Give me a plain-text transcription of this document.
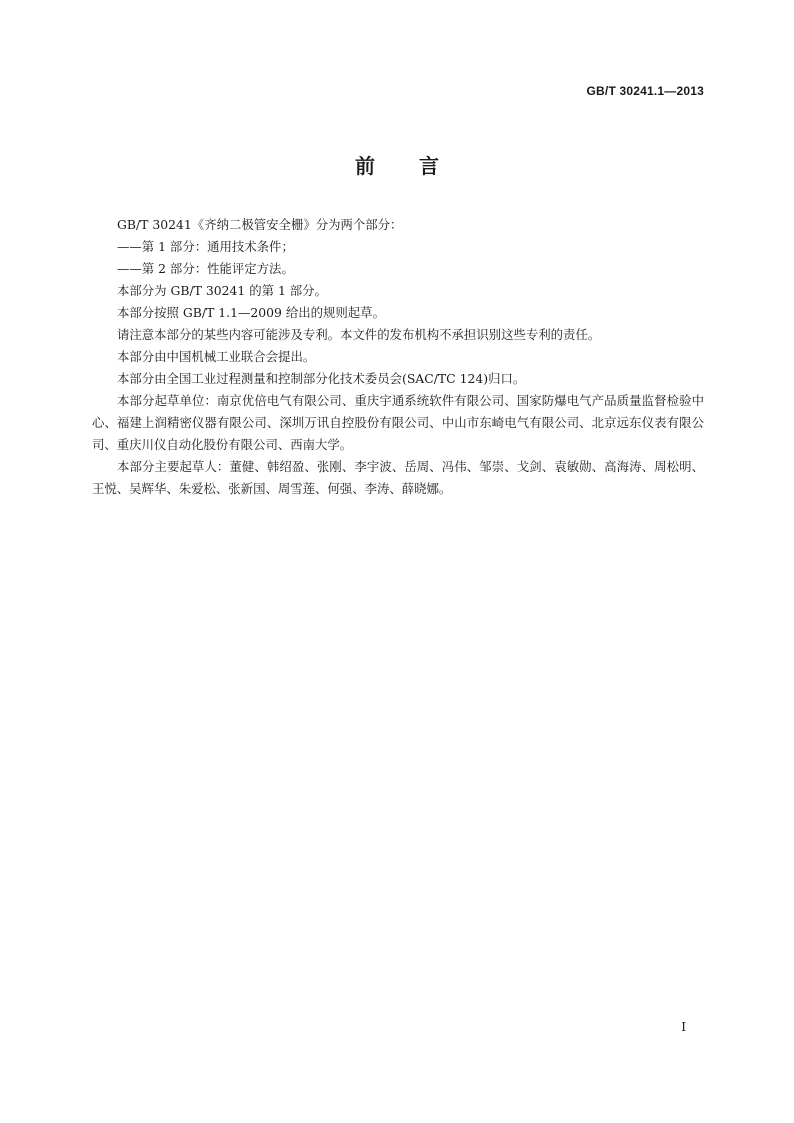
GB/T 30241.1—2013
前 言

GB/T 30241《齐纳二极管安全栅》分为两个部分：

——第 1 部分：通用技术条件；

——第 2 部分：性能评定方法。

本部分为 GB/T 30241 的第 1 部分。

本部分按照 GB/T 1.1—2009 给出的规则起草。

请注意本部分的某些内容可能涉及专利。本文件的发布机构不承担识别这些专利的责任。

本部分由中国机械工业联合会提出。

本部分由全国工业过程测量和控制部分化技术委员会(SAC/TC 124)归口。

本部分起草单位：南京优倍电气有限公司、重庆宇通系统软件有限公司、国家防爆电气产品质量监督检验中心、福建上润精密仪器有限公司、深圳万讯自控股份有限公司、中山市东崎电气有限公司、北京远东仪表有限公司、重庆川仪自动化股份有限公司、西南大学。

本部分主要起草人：董健、韩绍盈、张刚、李宇波、岳周、冯伟、邹崇、戈剑、袁敏勋、高海涛、周松明、王悦、吴辉华、朱爱松、张新国、周雪莲、何强、李涛、薛晓娜。

I
